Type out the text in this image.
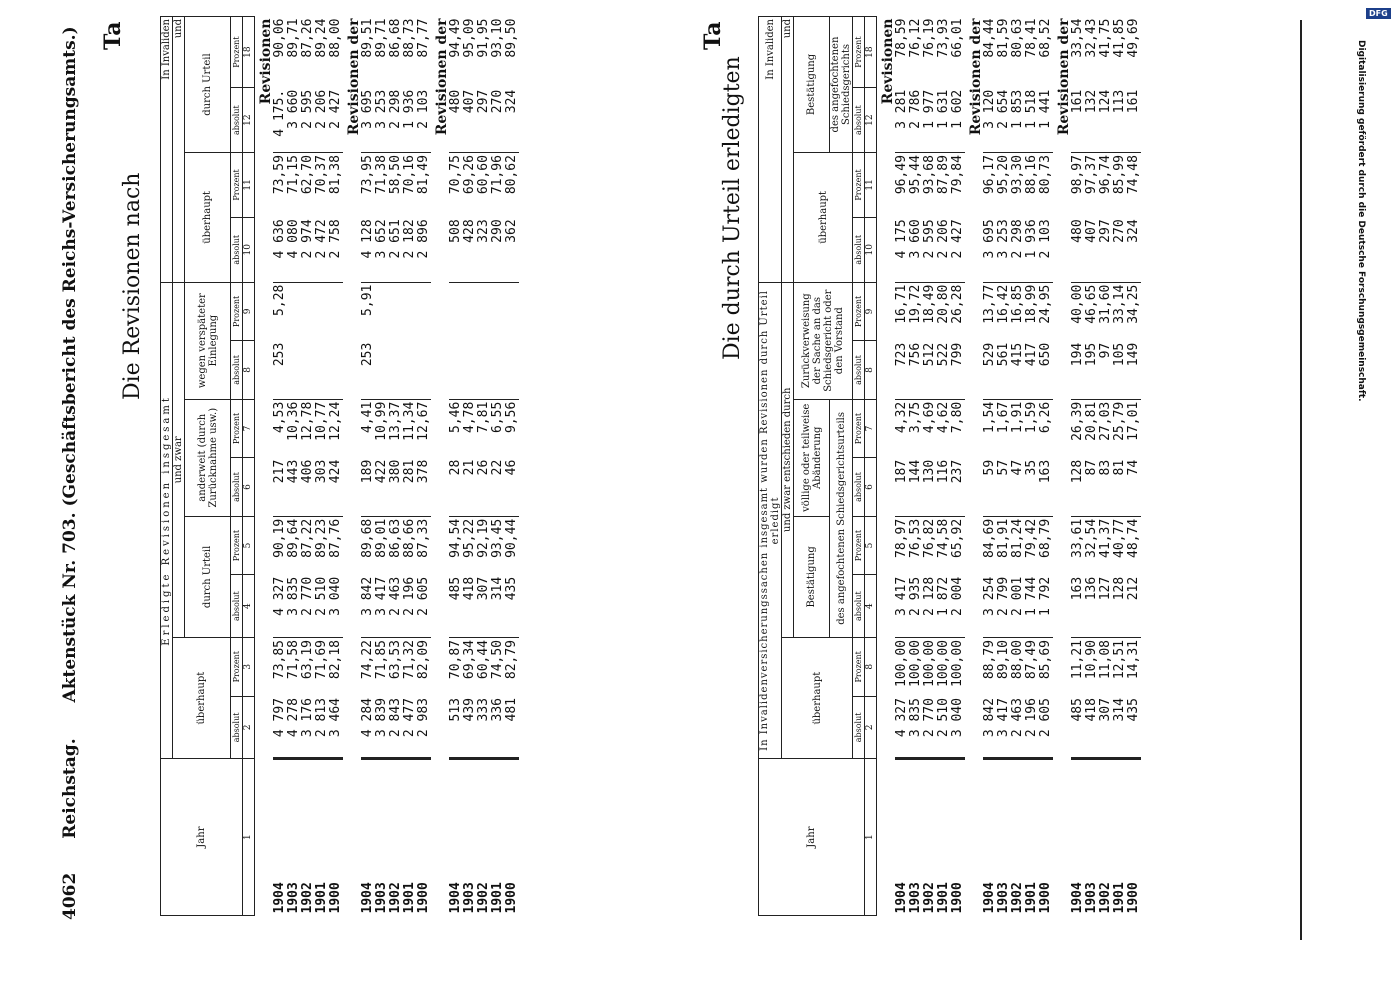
4062 Reichstag. Aktenstück Nr. 703. (Geschäftsbericht des Reichs-Versicherungsamts.) Die Revisionen nach
Ta
Jahr	Erledigte Revisionen insgesamt								In Invaliden			
	überhaupt		und zwar						und			
			durch Urteil		anderweit (durch Zurücknahme usw.)		wegen verspäteter Einlegung		überhaupt		durch Urteil	
	absolut	Prozent	absolut	Prozent	absolut	Prozent	absolut	Prozent	absolut	Prozent	absolut	Prozent
1	2	3	4	5	6	7	8	9	10	11	12	18
Revisionen												
1904	4 797	73,85	4 327	90,19	217	4,53	253	5,28	4 636	73,59	4 175.	90,06
1903	4 278	71,58	3 835	89,64	443	10,36			4 080	71,15	3 660	89,71
1902	3 176	63,19	2 770	87,22	406	12,78			2 974	62,70	2 595	87,26
1901	2 813	71,69	2 510	89,23	303	10,77			2 472	70,37	2 206	89,24
1900	3 464	82,18	3 040	87,76	424	12,24			2 758	81,38	2 427	88,00
Revisionen der												
1904	4 284	74,22	3 842	89,68	189	4,41	253	5,91	4 128	73,95	3 695	89,51
1903	3 839	71,85	3 417	89,01	422	10,99			3 652	71,38	3 253	89,71
1902	2 843	63,53	2 463	86,63	380	13,37			2 651	58,50	2 298	86,68
1901	2 477	71,32	2 196	88,66	281	11,34			2 182	70,16	1 936	88,73
1900	2 983	82,09	2 605	87,33	378	12,67			2 896	81,49	2 103	87,77
Revisionen der												
1904	513	70,87	485	94,54	28	5,46			508	70,75	480	94,49
1903	439	69,34	418	95,22	21	4,78			428	69,26	407	95,09
1902	333	60,44	307	92,19	26	7,81			323	60,60	297	91,95
1901	336	74,50	314	93,45	22	6,55			290	71,96	270	93,10
1900	481	82,79	435	90,44	46	9,56			362	80,62	324	89,50
Die durch Urteil erledigten
Ta
Jahr	In Invalidenversicherungssachen insgesamt wurden Revisionen durch Urteil erledigt								In Invaliden			
	überhaupt		und zwar entschieden durch						und			
			Bestätigung		völlige oder teilweise Abänderung		Zurückverweisung der Sache an das Schiedsgericht oder den Vorstand		überhaupt		Bestätigung	
			des angefochtenen Schiedsgerichtsurteils								des angefochtenen Schiedsgerichts	
	absolut	Prozent	absolut	Prozent	absolut	Prozent	absolut	Prozent	absolut	Prozent	absolut	Prozent
1	2	8	4	5	6	7	8	9	10	11	12	18
Revisionen												
1904	4 327	100,00	3 417	78,97	187	4,32	723	16,71	4 175	96,49	3 281	78,59
1903	3 835	100,00	2 935	76,53	144	3,75	756	19,72	3 660	95,44	2 786	76,12
1902	2 770	100,00	2 128	76,82	130	4,69	512	18,49	2 595	93,68	1 977	76,19
1901	2 510	100,00	1 872	74,58	116	4,62	522	20,80	2 206	87,89	1 631	73,93
1900	3 040	100,00	2 004	65,92	237	7,80	799	26,28	2 427	79,84	1 602	66,01
Revisionen der												
1904	3 842	88,79	3 254	84,69	59	1,54	529	13,77	3 695	96,17	3 120	84,44
1903	3 417	89,10	2 799	81,91	57	1,67	561	16,42	3 253	95,20	2 654	81,59
1902	2 463	88,00	2 001	81,24	47	1,91	415	16,85	2 298	93,30	1 853	80,63
1901	2 196	87,49	1 744	79,42	35	1,59	417	18,99	1 936	88,16	1 518	78,41
1900	2 605	85,69	1 792	68,79	163	6,26	650	24,95	2 103	80,73	1 441	68,52
Revisionen der												
1904	485	11,21	163	33,61	128	26,39	194	40,00	480	98,97	161	33,54
1903	418	10,90	136	32,54	87	20,81	195	46,65	407	97,37	132	32,43
1902	307	11,08	127	41,37	83	27,03	97	31,60	297	96,74	124	41,75
1901	314	12,51	128	40,77	81	25,79	105	33,14	270	85,99	113	41,85
1900	435	14,31	212	48,74	74	17,01	149	34,25	324	74,48	161	49,69
Digitalisierung gefördert durch die Deutsche Forschungsgemeinschaft.
DFG
